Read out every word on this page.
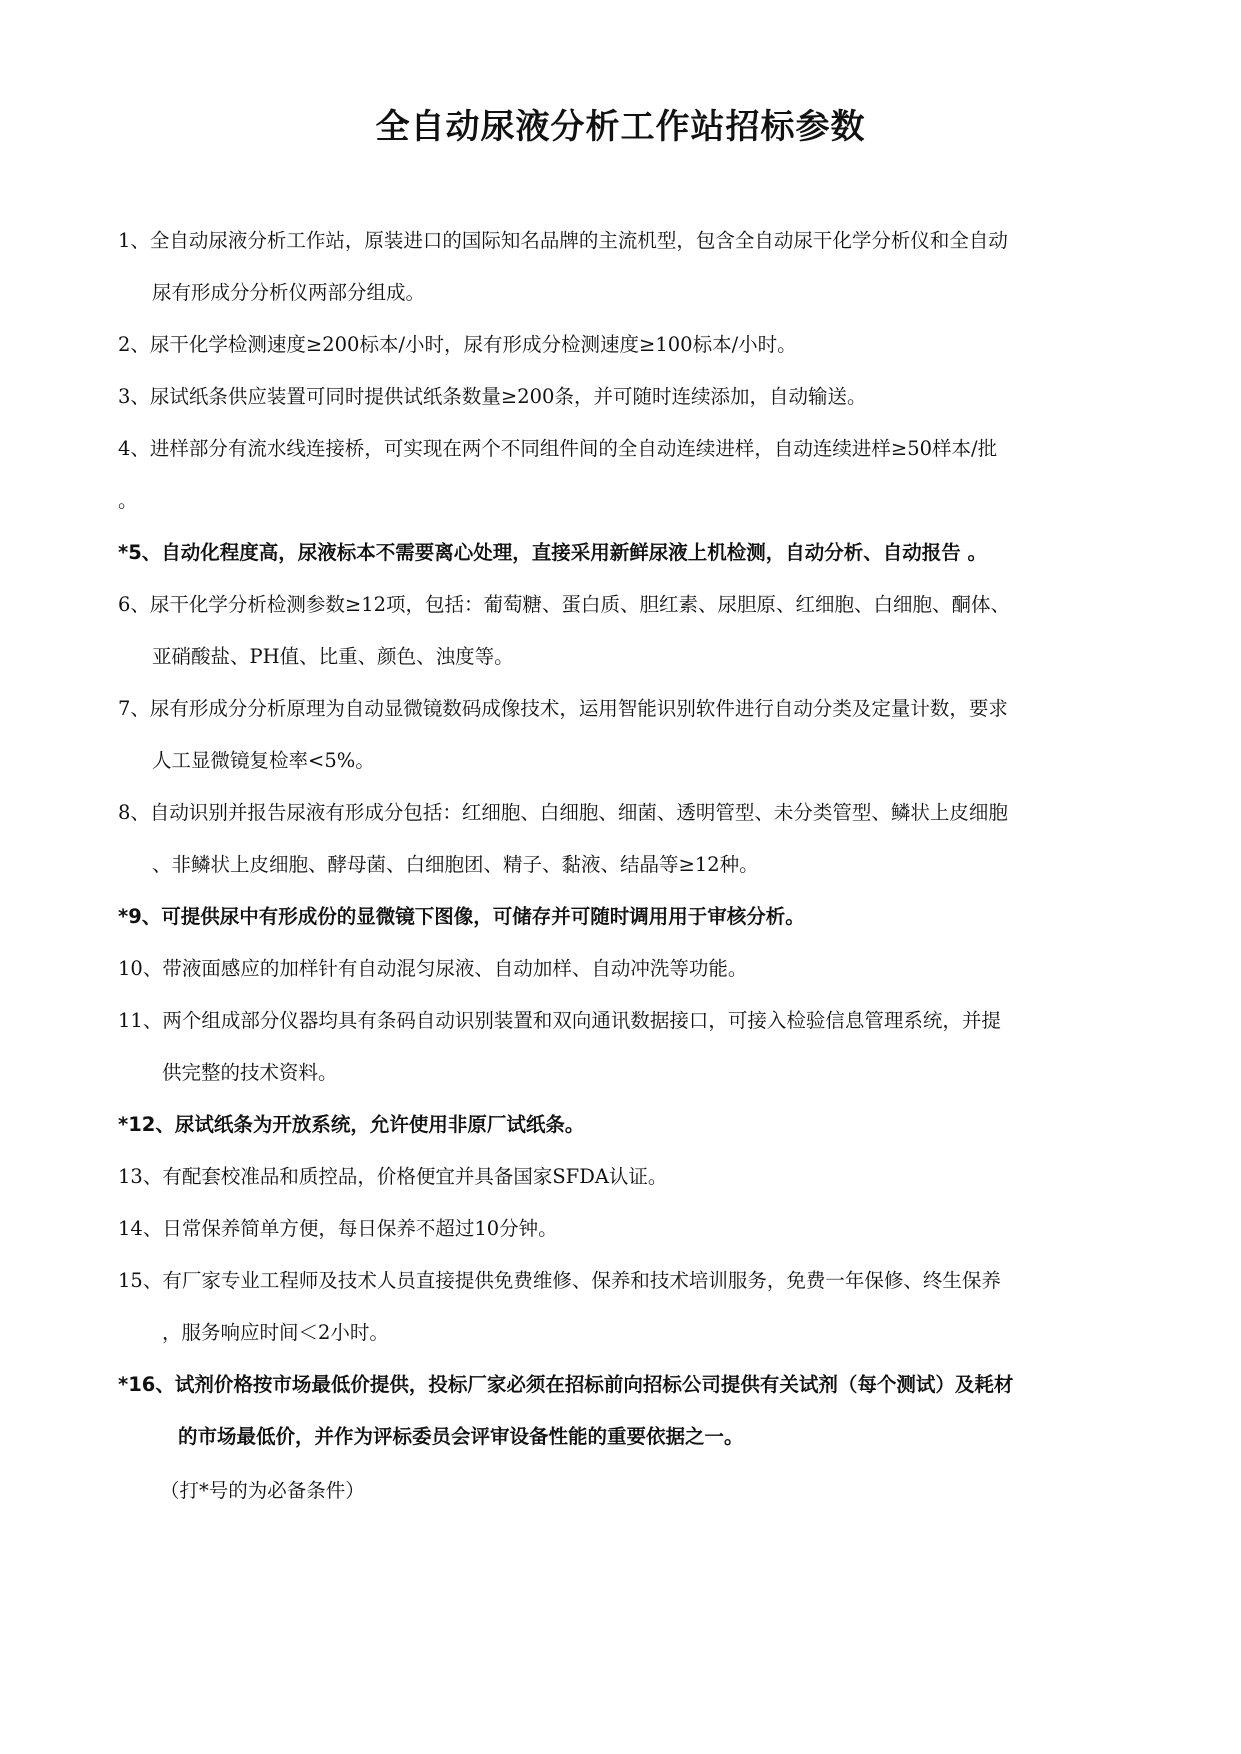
全自动尿液分析工作站招标参数
1、全自动尿液分析工作站，原装进口的国际知名品牌的主流机型，包含全自动尿干化学分析仪和全自动
尿有形成分分析仪两部分组成。
2、尿干化学检测速度≥200标本/小时，尿有形成分检测速度≥100标本/小时。
3、尿试纸条供应装置可同时提供试纸条数量≥200条，并可随时连续添加，自动输送。
4、进样部分有流水线连接桥，可实现在两个不同组件间的全自动连续进样，自动连续进样≥50样本/批
。
*5、自动化程度高，尿液标本不需要离心处理，直接采用新鲜尿液上机检测，自动分析、自动报告 。
6、尿干化学分析检测参数≥12项，包括：葡萄糖、蛋白质、胆红素、尿胆原、红细胞、白细胞、酮体、
亚硝酸盐、PH值、比重、颜色、浊度等。
7、尿有形成分分析原理为自动显微镜数码成像技术，运用智能识别软件进行自动分类及定量计数，要求
人工显微镜复检率<5%。
8、自动识别并报告尿液有形成分包括：红细胞、白细胞、细菌、透明管型、未分类管型、鳞状上皮细胞
、非鳞状上皮细胞、酵母菌、白细胞团、精子、黏液、结晶等≥12种。
*9、可提供尿中有形成份的显微镜下图像，可储存并可随时调用用于审核分析。
10、带液面感应的加样针有自动混匀尿液、自动加样、自动冲洗等功能。
11、两个组成部分仪器均具有条码自动识别装置和双向通讯数据接口，可接入检验信息管理系统，并提
供完整的技术资料。
*12、尿试纸条为开放系统，允许使用非原厂试纸条。
13、有配套校准品和质控品，价格便宜并具备国家SFDA认证。
14、日常保养简单方便，每日保养不超过10分钟。
15、有厂家专业工程师及技术人员直接提供免费维修、保养和技术培训服务，免费一年保修、终生保养
，服务响应时间＜2小时。
*16、试剂价格按市场最低价提供，投标厂家必须在招标前向招标公司提供有关试剂（每个测试）及耗材
的市场最低价，并作为评标委员会评审设备性能的重要依据之一。
（打*号的为必备条件）
